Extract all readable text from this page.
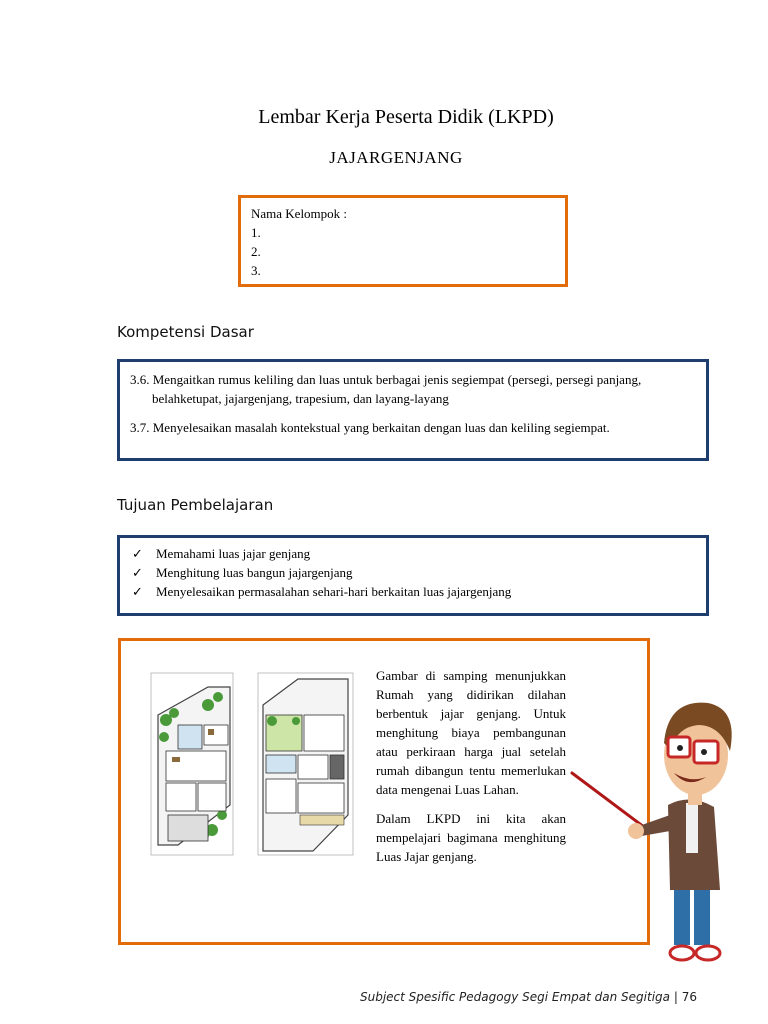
Lembar Kerja Peserta Didik (LKPD)
JAJARGENJANG
Nama Kelompok :
1.
2.
3.
Kompetensi Dasar
3.6. Mengaitkan rumus keliling dan luas untuk berbagai jenis segiempat (persegi, persegi panjang,
belahketupat, jajargenjang, trapesium, dan layang-layang
3.7. Menyelesaikan masalah kontekstual yang berkaitan dengan luas dan keliling segiempat.
Tujuan Pembelajaran
✓ Memahami luas jajar genjang
✓ Menghitung luas bangun jajargenjang
✓ Menyelesaikan permasalahan sehari-hari berkaitan luas jajargenjang

Gambar di samping menunjukkan Rumah yang didirikan dilahan berbentuk jajar genjang. Untuk menghitung biaya pembangunan atau perkiraan harga jual setelah rumah dibangun tentu memerlukan data mengenai Luas Lahan.

Dalam LKPD ini kita akan mempelajari bagimana menghitung Luas Jajar genjang.

Subject Spesific Pedagogy Segi Empat dan Segitiga | 76
